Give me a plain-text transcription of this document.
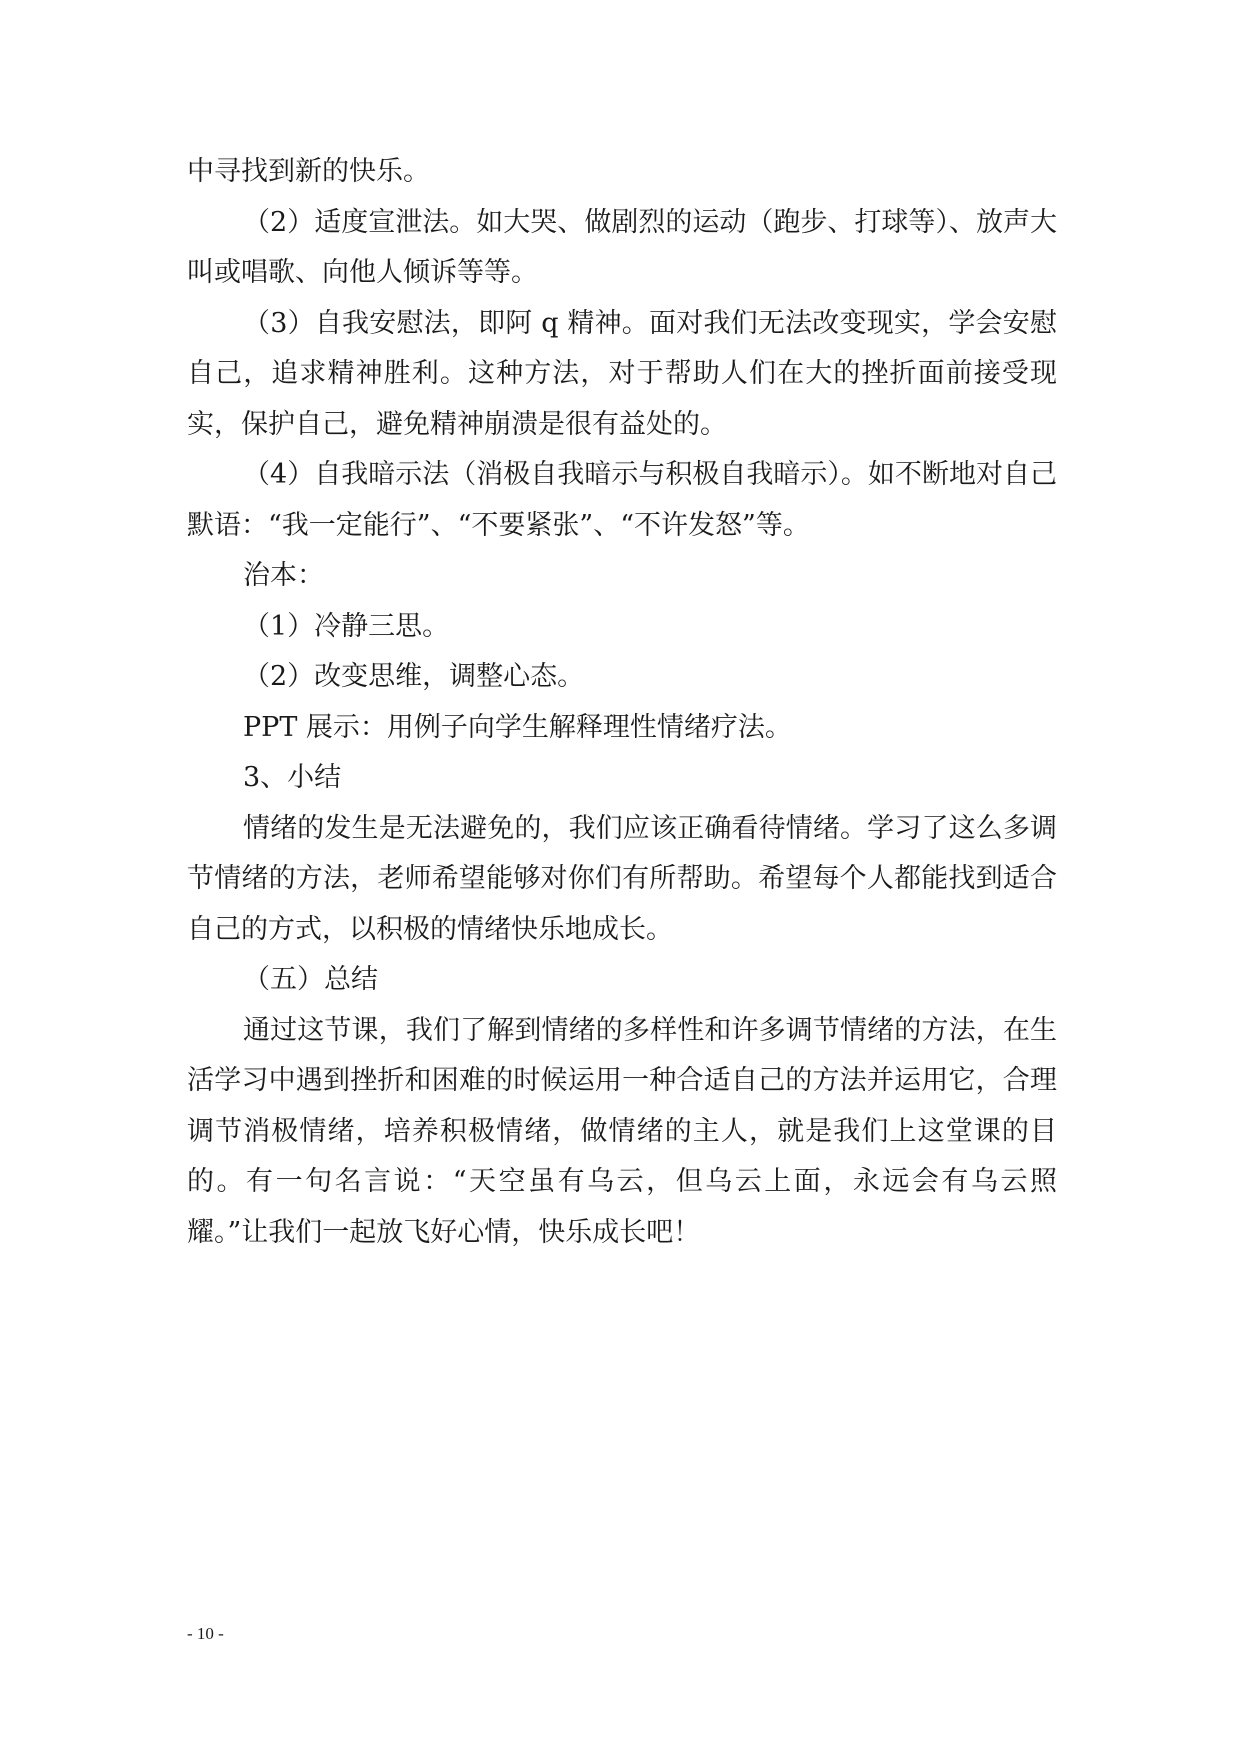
中寻找到新的快乐。

（2）适度宣泄法。如大哭、做剧烈的运动（跑步、打球等）、放声大叫或唱歌、向他人倾诉等等。

（3）自我安慰法，即阿 q 精神。面对我们无法改变现实，学会安慰自己，追求精神胜利。这种方法，对于帮助人们在大的挫折面前接受现实，保护自己，避免精神崩溃是很有益处的。

（4）自我暗示法（消极自我暗示与积极自我暗示）。如不断地对自己默语：“我一定能行”、“不要紧张”、“不许发怒”等。

治本：

（1）冷静三思。

（2）改变思维，调整心态。

PPT 展示：用例子向学生解释理性情绪疗法。

3、小结

情绪的发生是无法避免的，我们应该正确看待情绪。学习了这么多调节情绪的方法，老师希望能够对你们有所帮助。希望每个人都能找到适合自己的方式，以积极的情绪快乐地成长。

（五）总结

通过这节课，我们了解到情绪的多样性和许多调节情绪的方法，在生活学习中遇到挫折和困难的时候运用一种合适自己的方法并运用它，合理调节消极情绪，培养积极情绪，做情绪的主人，就是我们上这堂课的目的。有一句名言说：“天空虽有乌云，但乌云上面，永远会有乌云照耀。”让我们一起放飞好心情，快乐成长吧！

- 10 -
